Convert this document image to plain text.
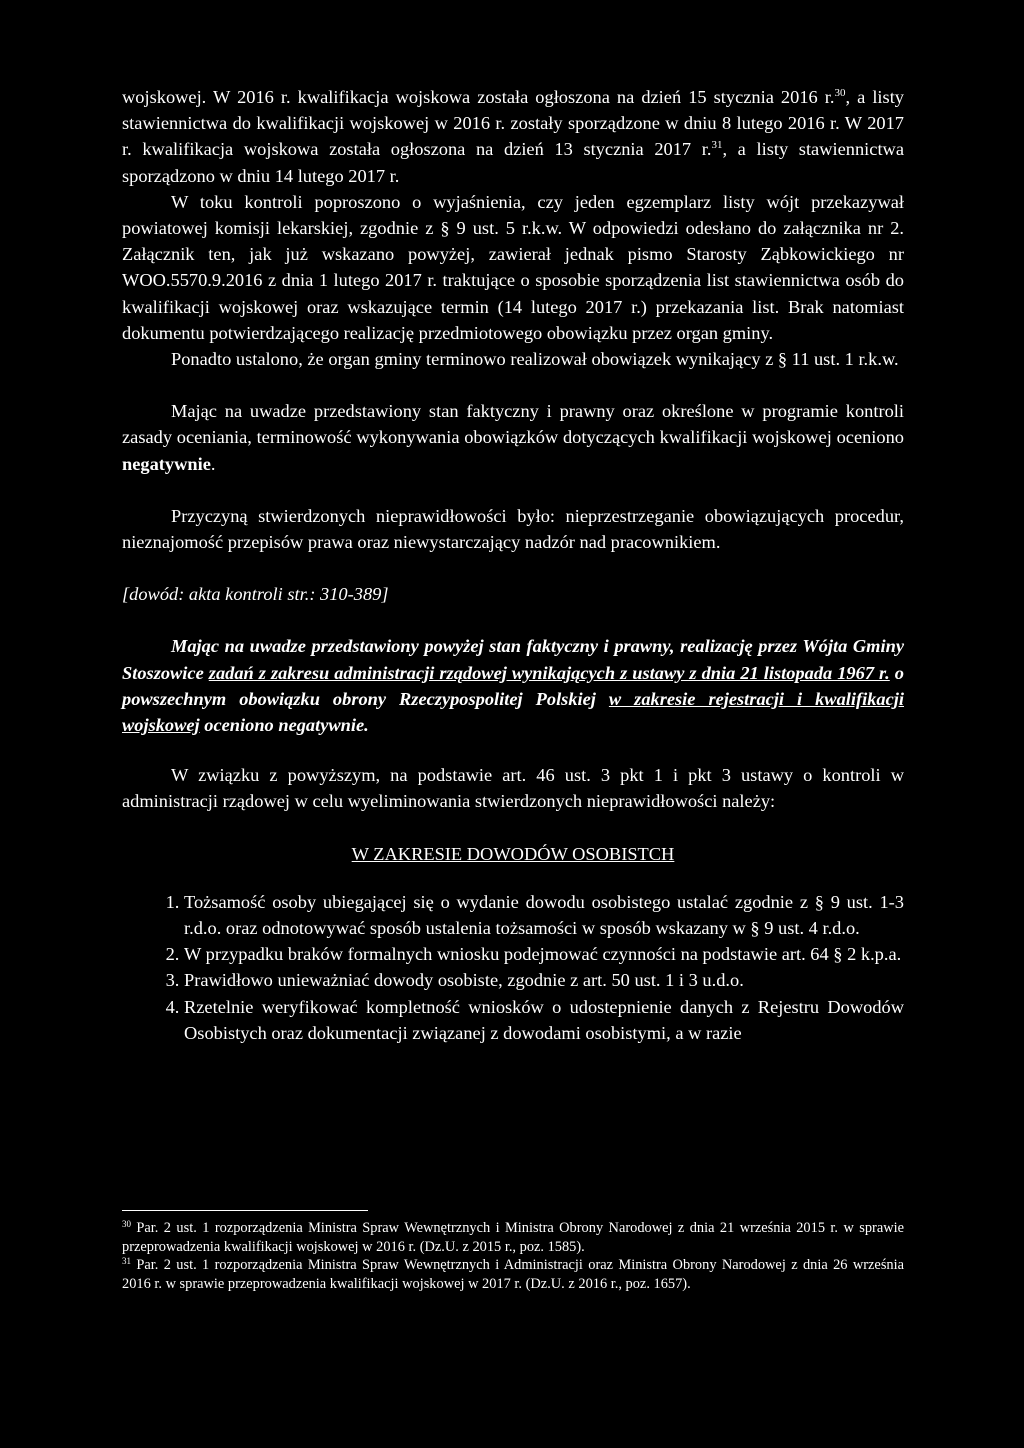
wojskowej. W 2016 r. kwalifikacja wojskowa została ogłoszona na dzień 15 stycznia 2016 r.$^{30}$, a listy stawiennictwa do kwalifikacji wojskowej w 2016 r. zostały sporządzone w dniu 8 lutego 2016 r. W 2017 r. kwalifikacja wojskowa została ogłoszona na dzień 13 stycznia 2017 r.$^{31}$, a listy stawiennictwa sporządzono w dniu 14 lutego 2017 r.

W toku kontroli poproszono o wyjaśnienia, czy jeden egzemplarz listy wójt przekazywał powiatowej komisji lekarskiej, zgodnie z § 9 ust. 5 r.k.w. W odpowiedzi odesłano do załącznika nr 2. Załącznik ten, jak już wskazano powyżej, zawierał jednak pismo Starosty Ząbkowickiego nr WOO.5570.9.2016 z dnia 1 lutego 2017 r. traktujące o sposobie sporządzenia list stawiennictwa osób do kwalifikacji wojskowej oraz wskazujące termin (14 lutego 2017 r.) przekazania list. Brak natomiast dokumentu potwierdzającego realizację przedmiotowego obowiązku przez organ gminy.

Ponadto ustalono, że organ gminy terminowo realizował obowiązek wynikający z § 11 ust. 1 r.k.w.

Mając na uwadze przedstawiony stan faktyczny i prawny oraz określone w programie kontroli zasady oceniania, terminowość wykonywania obowiązków dotyczących kwalifikacji wojskowej oceniono negatywnie.

Przyczyną stwierdzonych nieprawidłowości było: nieprzestrzeganie obowiązujących procedur, nieznajomość przepisów prawa oraz niewystarczający nadzór nad pracownikiem.

[dowód: akta kontroli str.: 310-389]

Mając na uwadze przedstawiony powyżej stan faktyczny i prawny, realizację przez Wójta Gminy Stoszowice zadań z zakresu administracji rządowej wynikających z ustawy z dnia 21 listopada 1967 r. o powszechnym obowiązku obrony Rzeczypospolitej Polskiej w zakresie rejestracji i kwalifikacji wojskowej oceniono negatywnie.

W związku z powyższym, na podstawie art. 46 ust. 3 pkt 1 i pkt 3 ustawy o kontroli w administracji rządowej w celu wyeliminowania stwierdzonych nieprawidłowości należy:

W ZAKRESIE DOWODÓW OSOBISTCH

1. Tożsamość osoby ubiegającej się o wydanie dowodu osobistego ustalać zgodnie z § 9 ust. 1-3 r.d.o. oraz odnotowywać sposób ustalenia tożsamości w sposób wskazany w § 9 ust. 4 r.d.o.
2. W przypadku braków formalnych wniosku podejmować czynności na podstawie art. 64 § 2 k.p.a.
3. Prawidłowo unieważniać dowody osobiste, zgodnie z art. 50 ust. 1 i 3 u.d.o.
4. Rzetelnie weryfikować kompletność wniosków o udostepnienie danych z Rejestru Dowodów Osobistych oraz dokumentacji związanej z dowodami osobistymi, a w razie

$^{30}$ Par. 2 ust. 1 rozporządzenia Ministra Spraw Wewnętrznych i Ministra Obrony Narodowej z dnia 21 września 2015 r. w sprawie przeprowadzenia kwalifikacji wojskowej w 2016 r. (Dz.U. z 2015 r., poz. 1585).

$^{31}$ Par. 2 ust. 1 rozporządzenia Ministra Spraw Wewnętrznych i Administracji oraz Ministra Obrony Narodowej z dnia 26 września 2016 r. w sprawie przeprowadzenia kwalifikacji wojskowej w 2017 r. (Dz.U. z 2016 r., poz. 1657).
